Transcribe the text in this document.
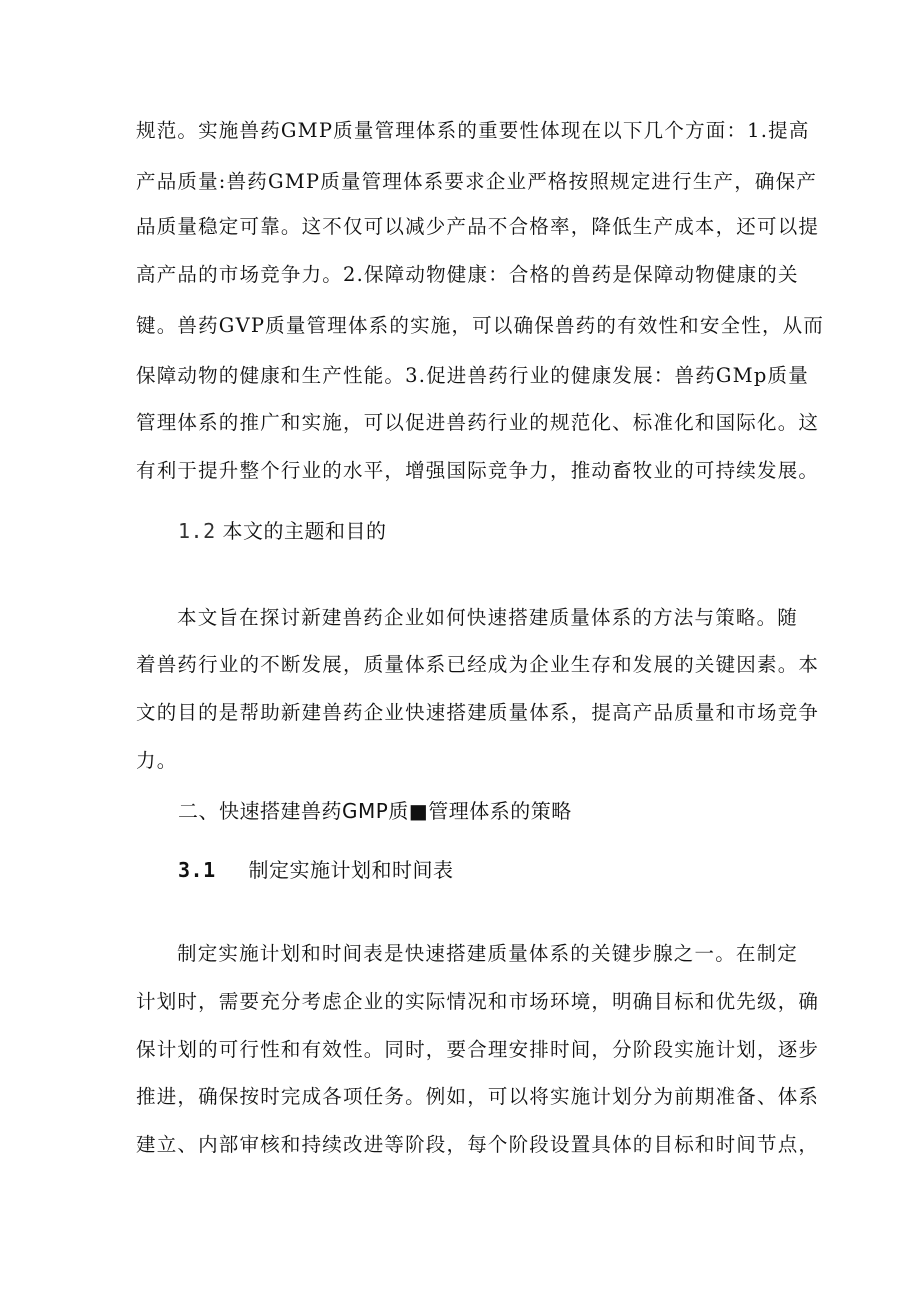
规范。实施兽药GMP质量管理体系的重要性体现在以下几个方面：1.提高
产品质量:兽药GMP质量管理体系要求企业严格按照规定进行生产，确保产
品质量稳定可靠。这不仅可以减少产品不合格率，降低生产成本，还可以提
高产品的市场竞争力。2.保障动物健康：合格的兽药是保障动物健康的关
键。兽药GVP质量管理体系的实施，可以确保兽药的有效性和安全性，从而
保障动物的健康和生产性能。3.促进兽药行业的健康发展：兽药GMp质量
管理体系的推广和实施，可以促进兽药行业的规范化、标准化和国际化。这
有利于提升整个行业的水平，增强国际竞争力，推动畜牧业的可持续发展。
1.2 本文的主题和目的
本文旨在探讨新建兽药企业如何快速搭建质量体系的方法与策略。随
着兽药行业的不断发展，质量体系已经成为企业生存和发展的关键因素。本
文的目的是帮助新建兽药企业快速搭建质量体系，提高产品质量和市场竞争
力。
二、快速搭建兽药GMP质■管理体系的策略
3.1 制定实施计划和时间表
制定实施计划和时间表是快速搭建质量体系的关键步腺之一。在制定
计划时，需要充分考虑企业的实际情况和市场环境，明确目标和优先级，确
保计划的可行性和有效性。同时，要合理安排时间，分阶段实施计划，逐步
推进，确保按时完成各项任务。例如，可以将实施计划分为前期准备、体系
建立、内部审核和持续改进等阶段，每个阶段设置具体的目标和时间节点，
